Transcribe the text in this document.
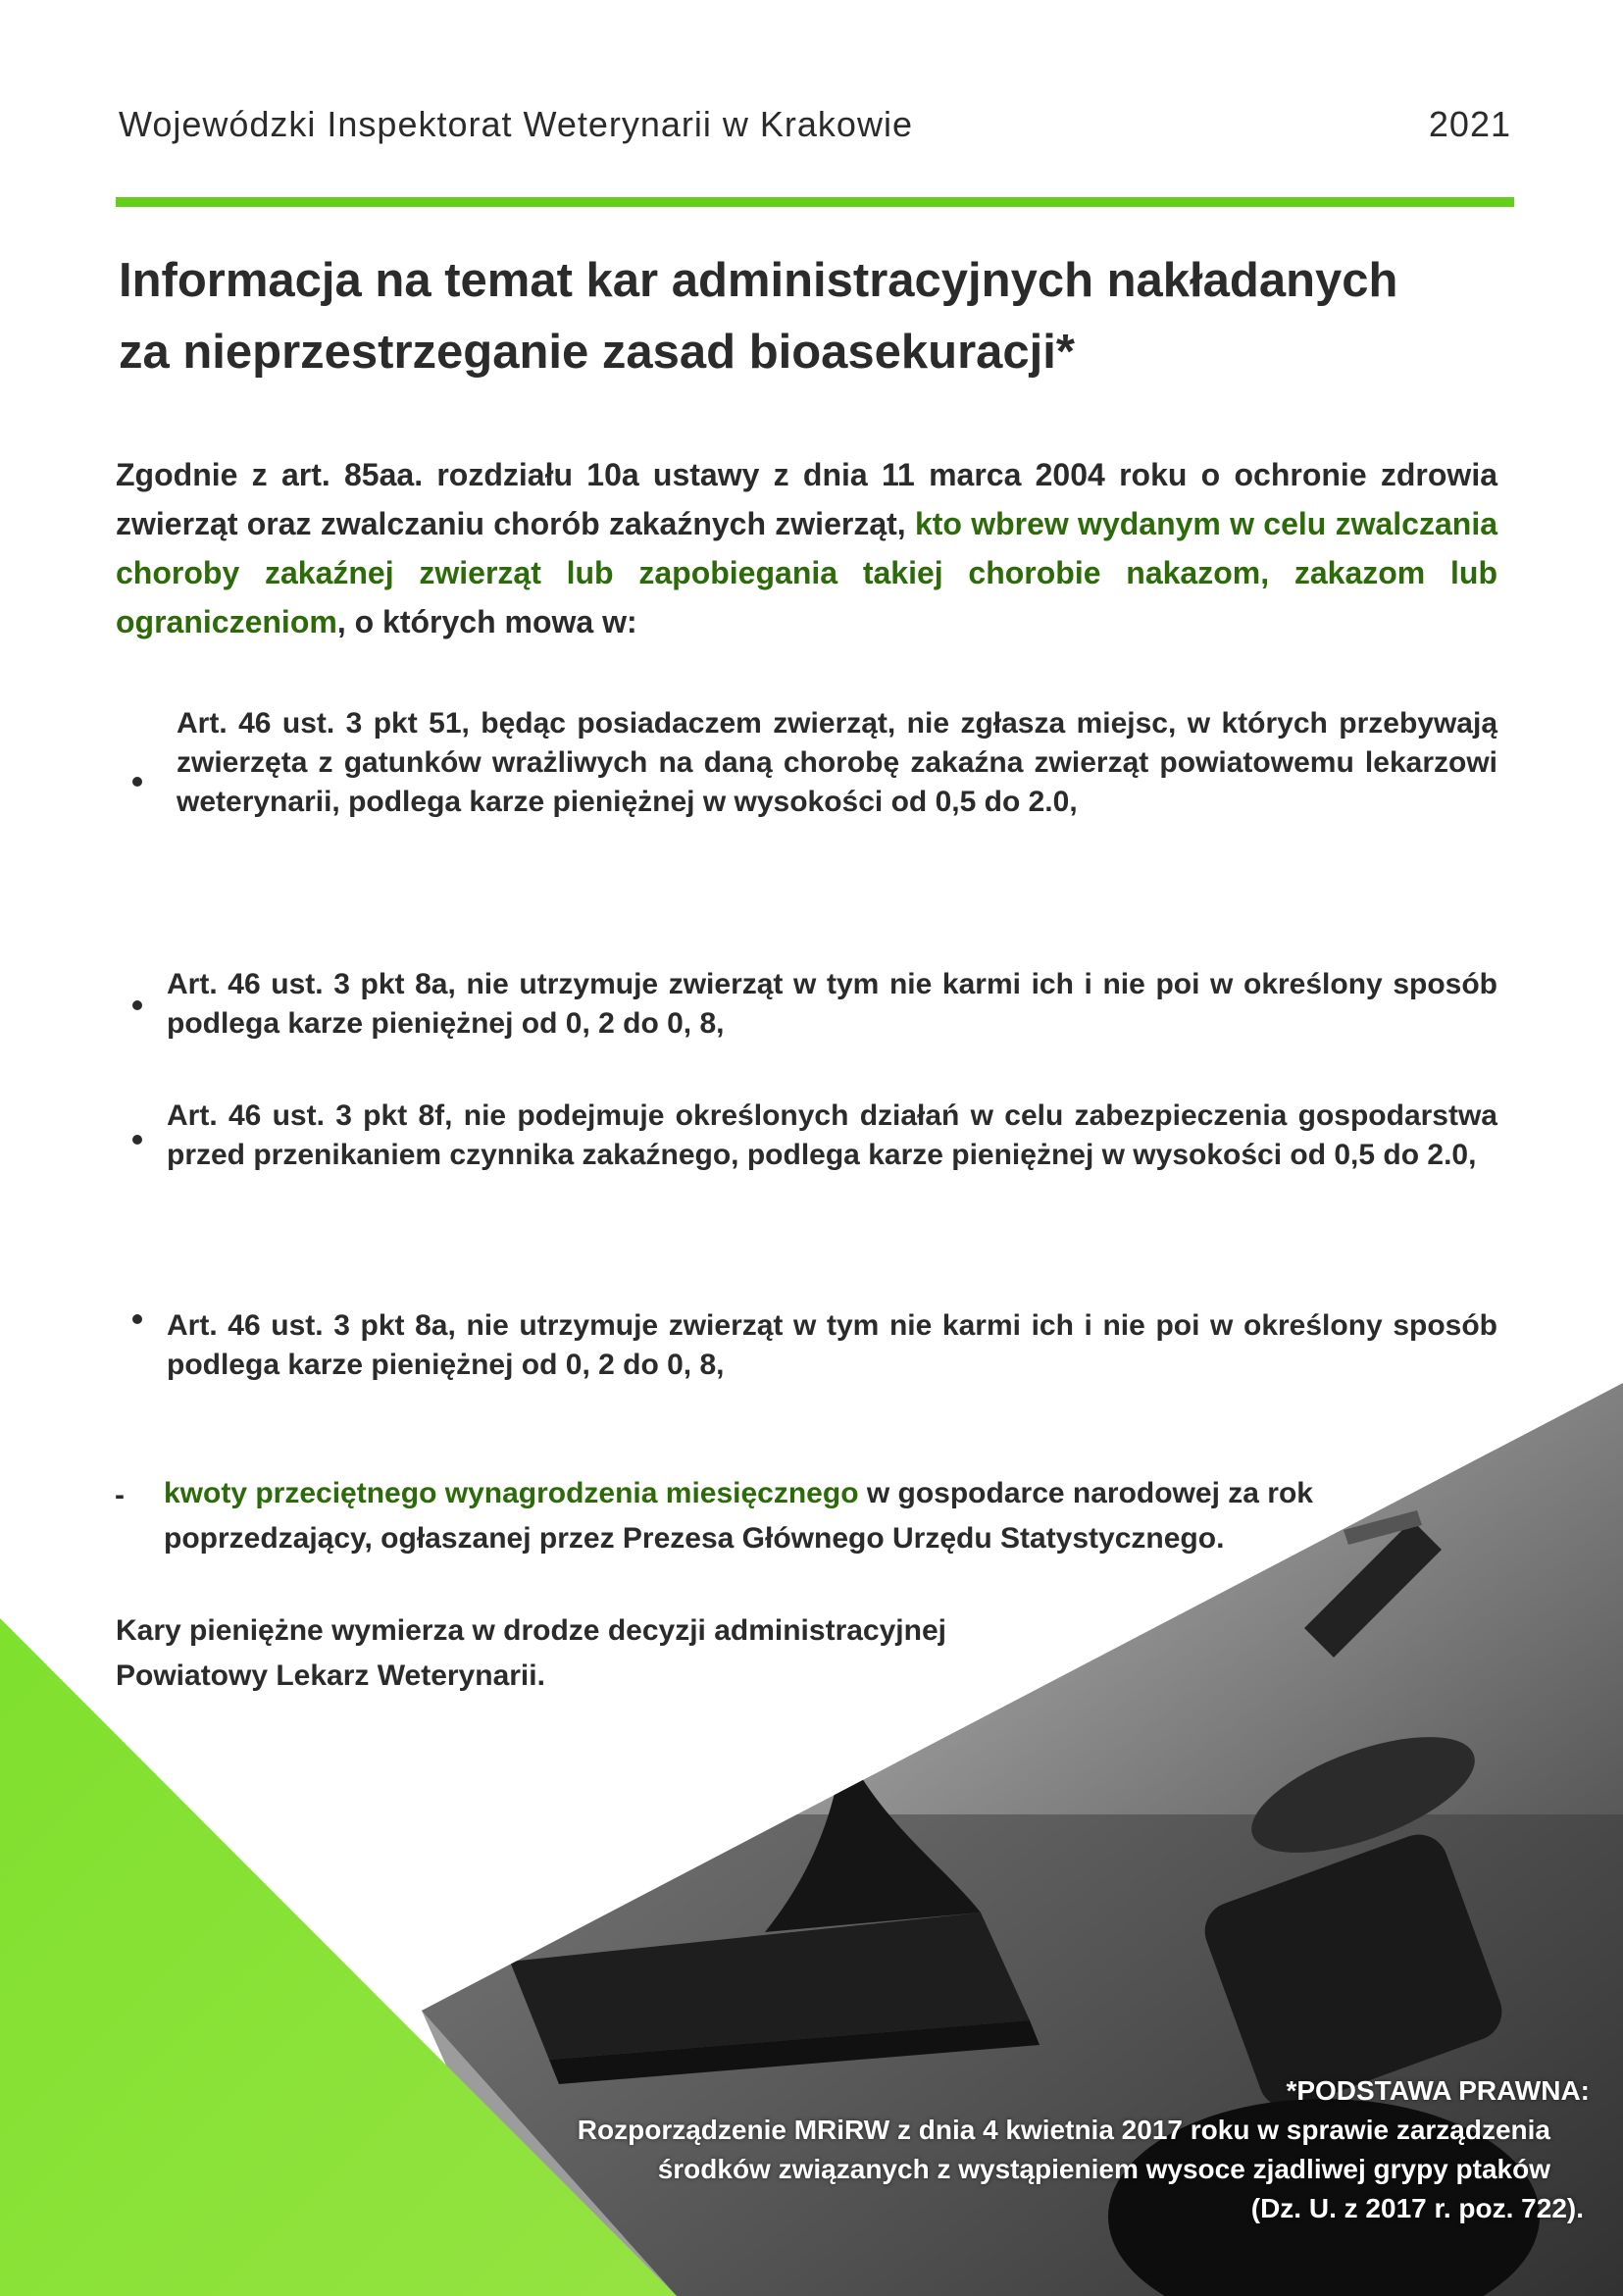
Wojewódzki Inspektorat Weterynarii w Krakowie	2021
Informacja na temat kar administracyjnych nakładanych
za nieprzestrzeganie zasad bioasekuracji*
Zgodnie z art. 85aa. rozdziału 10a ustawy z dnia 11 marca 2004 roku o ochronie zdrowia zwierząt oraz zwalczaniu chorób zakaźnych zwierząt, kto wbrew wydanym w celu zwalczania choroby zakaźnej zwierząt lub zapobiegania takiej chorobie nakazom, zakazom lub ograniczeniom, o których mowa w:
Art. 46 ust. 3 pkt 51, będąc posiadaczem zwierząt, nie zgłasza miejsc, w których przebywają zwierzęta z gatunków wrażliwych na daną chorobę zakaźna zwierząt powiatowemu lekarzowi weterynarii, podlega karze pieniężnej w wysokości od 0,5 do 2.0,
Art. 46 ust. 3 pkt 8a, nie utrzymuje zwierząt w tym nie karmi ich i nie poi w określony sposób podlega karze pieniężnej od 0, 2 do 0, 8,
Art. 46 ust. 3 pkt 8f, nie podejmuje określonych działań w celu zabezpieczenia gospodarstwa przed przenikaniem czynnika zakaźnego, podlega karze pieniężnej w wysokości od 0,5 do 2.0,
Art. 46 ust. 3 pkt 8a, nie utrzymuje zwierząt w tym nie karmi ich i nie poi w określony sposób podlega karze pieniężnej od 0, 2 do 0, 8,
- kwoty przeciętnego wynagrodzenia miesięcznego w gospodarce narodowej za rok poprzedzający, ogłaszanej przez Prezesa Głównego Urzędu Statystycznego.
Kary pieniężne wymierza w drodze decyzji administracyjnej
Powiatowy Lekarz Weterynarii.
*PODSTAWA PRAWNA:
Rozporządzenie MRiRW z dnia 4 kwietnia 2017 roku w sprawie zarządzenia
środków związanych z wystąpieniem wysoce zjadliwej grypy ptaków
(Dz. U. z 2017 r. poz. 722).
